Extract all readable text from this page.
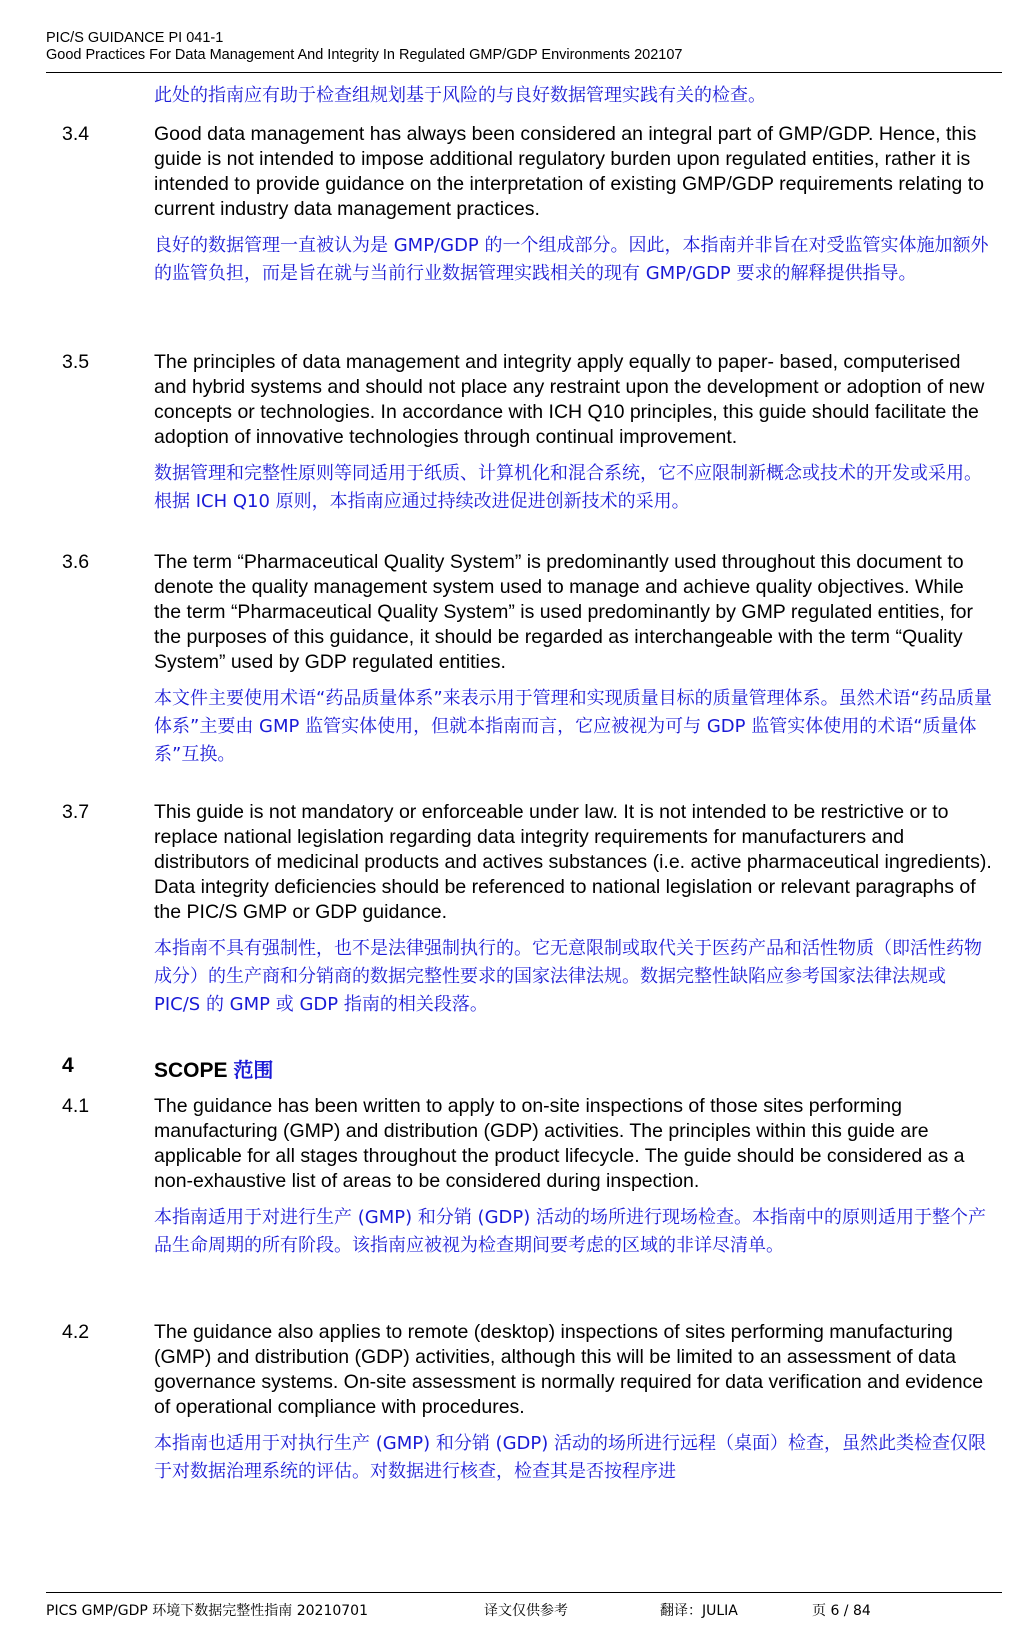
PIC/S GUIDANCE PI 041-1
Good Practices For Data Management And Integrity In Regulated GMP/GDP Environments 202107
此处的指南应有助于检查组规划基于风险的与良好数据管理实践有关的检查。
3.4	Good data management has always been considered an integral part of GMP/GDP. Hence, this guide is not intended to impose additional regulatory burden upon regulated entities, rather it is intended to provide guidance on the interpretation of existing GMP/GDP requirements relating to current industry data management practices.
良好的数据管理一直被认为是 GMP/GDP 的一个组成部分。因此，本指南并非旨在对受监管实体施加额外的监管负担，而是旨在就与当前行业数据管理实践相关的现有 GMP/GDP 要求的解释提供指导。
3.5	The principles of data management and integrity apply equally to paper- based, computerised and hybrid systems and should not place any restraint upon the development or adoption of new concepts or technologies. In accordance with ICH Q10 principles, this guide should facilitate the adoption of innovative technologies through continual improvement.
数据管理和完整性原则等同适用于纸质、计算机化和混合系统，它不应限制新概念或技术的开发或采用。根据 ICH Q10 原则，本指南应通过持续改进促进创新技术的采用。
3.6	The term “Pharmaceutical Quality System” is predominantly used throughout this document to denote the quality management system used to manage and achieve quality objectives. While the term “Pharmaceutical Quality System” is used predominantly by GMP regulated entities, for the purposes of this guidance, it should be regarded as interchangeable with the term “Quality System” used by GDP regulated entities.
本文件主要使用术语“药品质量体系”来表示用于管理和实现质量目标的质量管理体系。虽然术语“药品质量体系”主要由 GMP 监管实体使用，但就本指南而言，它应被视为可与 GDP 监管实体使用的术语“质量体系”互换。
3.7	This guide is not mandatory or enforceable under law. It is not intended to be restrictive or to replace national legislation regarding data integrity requirements for manufacturers and distributors of medicinal products and actives substances (i.e. active pharmaceutical ingredients). Data integrity deficiencies should be referenced to national legislation or relevant paragraphs of the PIC/S GMP or GDP guidance.
本指南不具有强制性，也不是法律强制执行的。它无意限制或取代关于医药产品和活性物质（即活性药物成分）的生产商和分销商的数据完整性要求的国家法律法规。数据完整性缺陷应参考国家法律法规或 PIC/S 的 GMP 或 GDP 指南的相关段落。
4	SCOPE 范围
4.1	The guidance has been written to apply to on-site inspections of those sites performing manufacturing (GMP) and distribution (GDP) activities. The principles within this guide are applicable for all stages throughout the product lifecycle. The guide should be considered as a non-exhaustive list of areas to be considered during inspection.
本指南适用于对进行生产 (GMP) 和分销 (GDP) 活动的场所进行现场检查。本指南中的原则适用于整个产品生命周期的所有阶段。该指南应被视为检查期间要考虑的区域的非详尽清单。
4.2	The guidance also applies to remote (desktop) inspections of sites performing manufacturing (GMP) and distribution (GDP) activities, although this will be limited to an assessment of data governance systems. On-site assessment is normally required for data verification and evidence of operational compliance with procedures.
本指南也适用于对执行生产 (GMP) 和分销 (GDP) 活动的场所进行远程（桌面）检查，虽然此类检查仅限于对数据治理系统的评估。对数据进行核查，检查其是否按程序进
PICS GMP/GDP 环境下数据完整性指南 20210701	译文仅供参考	翻译：JULIA	页 6 / 84
